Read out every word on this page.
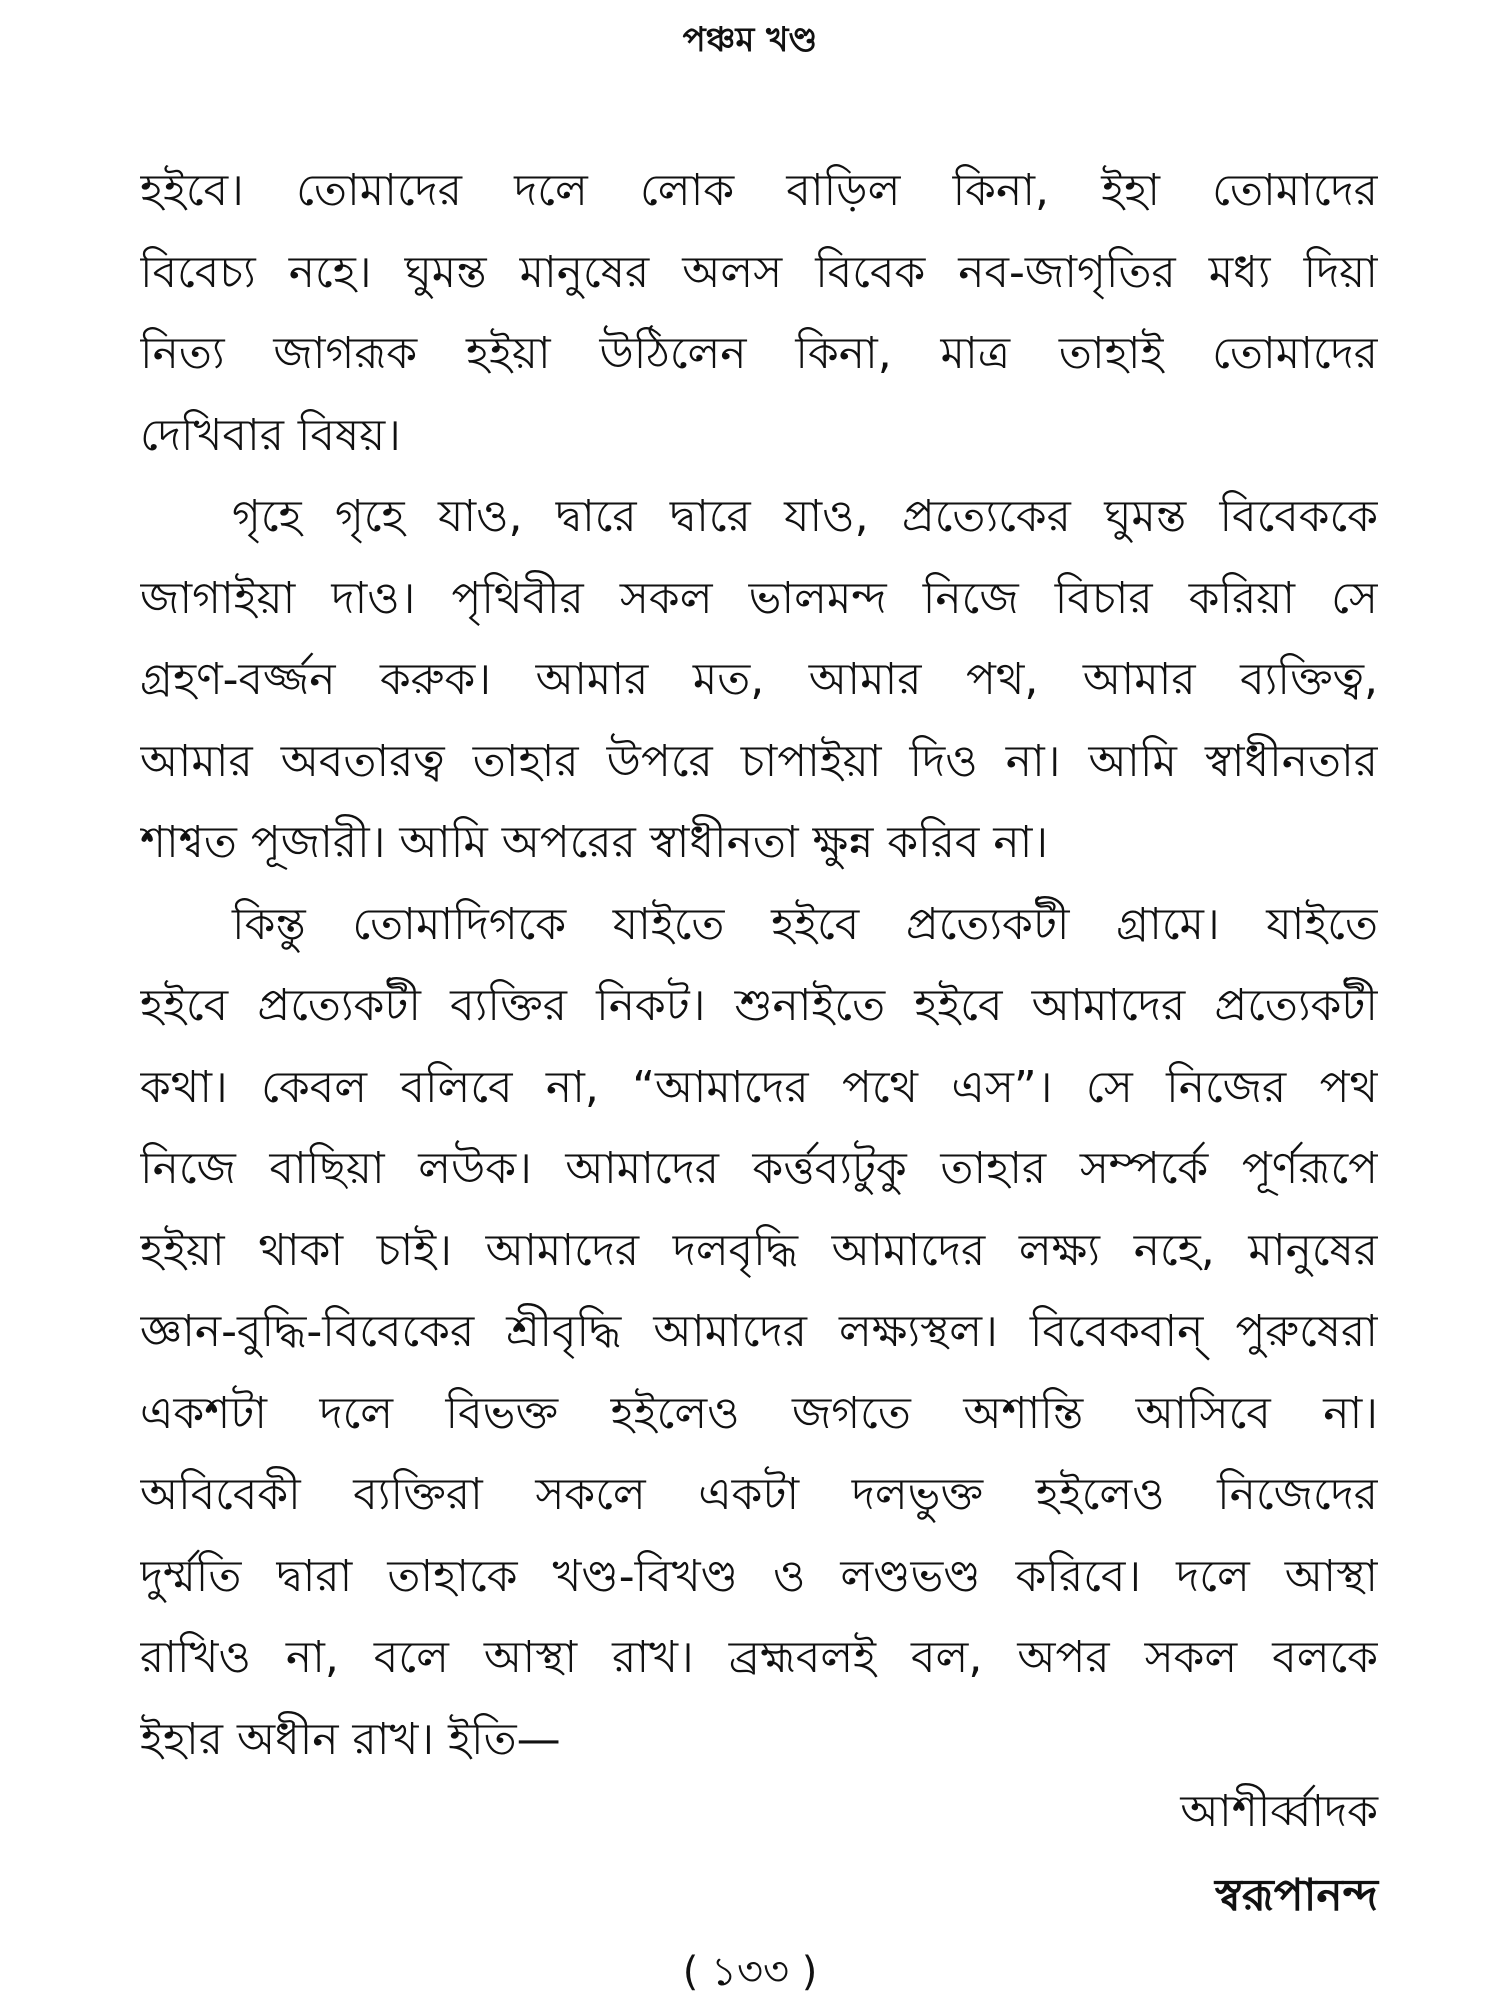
পঞ্চম খণ্ড
হইবে। তোমাদের দলে লোক বাড়িল কিনা, ইহা তোমাদের
বিবেচ্য নহে। ঘুমন্ত মানুষের অলস বিবেক নব-জাগৃতির মধ্য দিয়া
নিত্য জাগরূক হইয়া উঠিলেন কিনা, মাত্র তাহাই তোমাদের
দেখিবার বিষয়।
গৃহে গৃহে যাও, দ্বারে দ্বারে যাও, প্রত্যেকের ঘুমন্ত বিবেককে
জাগাইয়া দাও। পৃথিবীর সকল ভালমন্দ নিজে বিচার করিয়া সে
গ্রহণ-বর্জ্জন করুক। আমার মত, আমার পথ, আমার ব্যক্তিত্ব,
আমার অবতারত্ব তাহার উপরে চাপাইয়া দিও না। আমি স্বাধীনতার
শাশ্বত পূজারী। আমি অপরের স্বাধীনতা ক্ষুন্ন করিব না।
কিন্তু তোমাদিগকে যাইতে হইবে প্রত্যেকটী গ্রামে। যাইতে
হইবে প্রত্যেকটী ব্যক্তির নিকট। শুনাইতে হইবে আমাদের প্রত্যেকটী
কথা। কেবল বলিবে না, “আমাদের পথে এস”। সে নিজের পথ
নিজে বাছিয়া লউক। আমাদের কর্ত্তব্যটুকু তাহার সম্পর্কে পূর্ণরূপে
হইয়া থাকা চাই। আমাদের দলবৃদ্ধি আমাদের লক্ষ্য নহে, মানুষের
জ্ঞান-বুদ্ধি-বিবেকের শ্রীবৃদ্ধি আমাদের লক্ষ্যস্থল। বিবেকবান্ পুরুষেরা
একশটা দলে বিভক্ত হইলেও জগতে অশান্তি আসিবে না।
অবিবেকী ব্যক্তিরা সকলে একটা দলভুক্ত হইলেও নিজেদের
দুর্ম্মতি দ্বারা তাহাকে খণ্ড-বিখণ্ড ও লণ্ডভণ্ড করিবে। দলে আস্থা
রাখিও না, বলে আস্থা রাখ। ব্রহ্মবলই বল, অপর সকল বলকে
ইহার অধীন রাখ। ইতি—
আশীর্ব্বাদক
স্বরূপানন্দ
( ১৩৩ )
